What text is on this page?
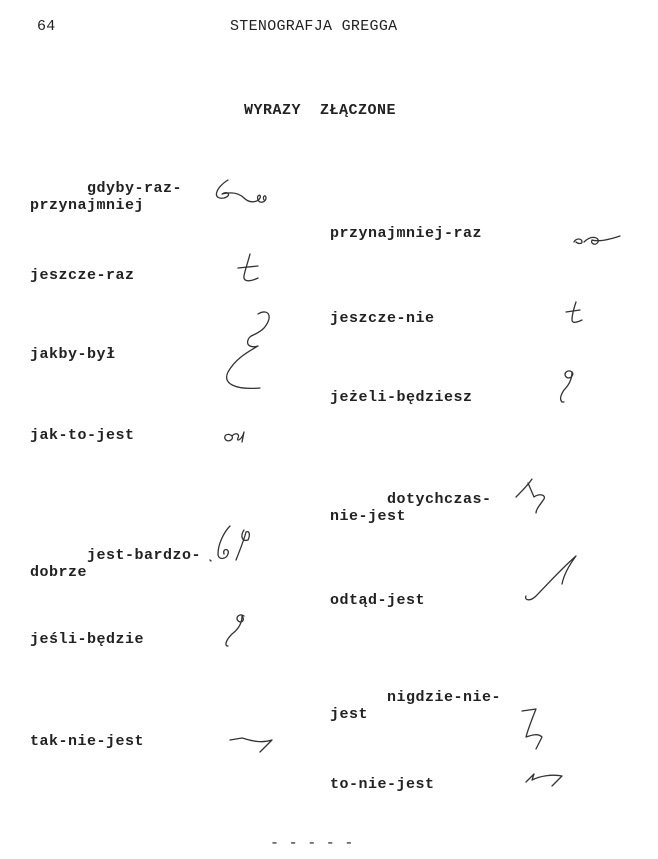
64	STENOGRAFJA GREGGA
WYRAZY  ZŁĄCZONE

gdyby-raz-
przynajmniej

jeszcze-raz
jakby-był
jak-to-jest

jest-bardzo-
dobrze

jeśli-będzie
tak-nie-jest
przynajmniej-raz
jeszcze-nie
jeżeli-będziesz

dotychczas-
nie-jest

odtąd-jest

nigdzie-nie-
jest

to-nie-jest
- - - - -
